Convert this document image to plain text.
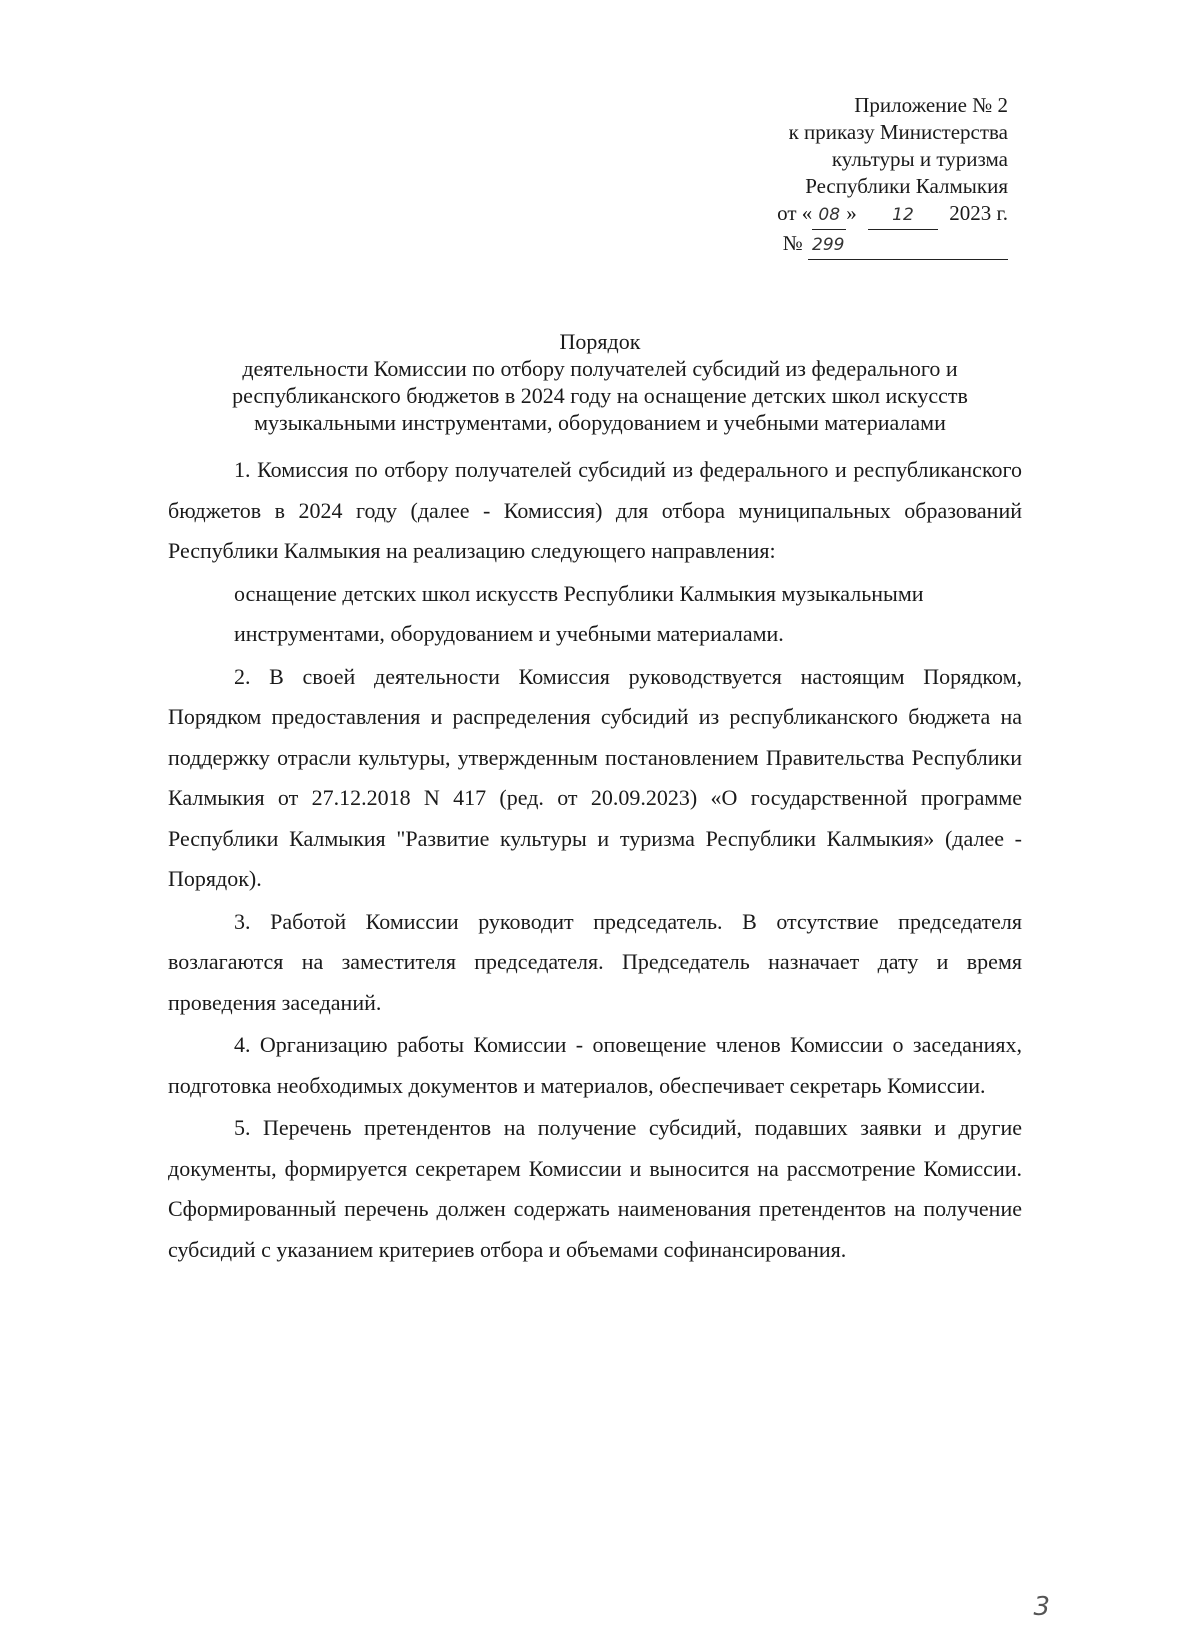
Приложение № 2
к приказу Министерства
культуры и туризма
Республики Калмыкия
от « 08 » 12 2023 г.
№ 299
Порядок
деятельности Комиссии по отбору получателей субсидий из федерального и
республиканского бюджетов в 2024 году на оснащение детских школ искусств
музыкальными инструментами, оборудованием и учебными материалами

1. Комиссия по отбору получателей субсидий из федерального и республиканского бюджетов в 2024 году (далее - Комиссия) для отбора муниципальных образований Республики Калмыкия на реализацию следующего направления:

оснащение детских школ искусств Республики Калмыкия музыкальными инструментами, оборудованием и учебными материалами.

2. В своей деятельности Комиссия руководствуется настоящим Порядком, Порядком предоставления и распределения субсидий из республиканского бюджета на поддержку отрасли культуры, утвержденным постановлением Правительства Республики Калмыкия от 27.12.2018 N 417 (ред. от 20.09.2023) «О государственной программе Республики Калмыкия "Развитие культуры и туризма Республики Калмыкия» (далее - Порядок).

3. Работой Комиссии руководит председатель. В отсутствие председателя возлагаются на заместителя председателя. Председатель назначает дату и время проведения заседаний.

4. Организацию работы Комиссии - оповещение членов Комиссии о заседаниях, подготовка необходимых документов и материалов, обеспечивает секретарь Комиссии.

5. Перечень претендентов на получение субсидий, подавших заявки и другие документы, формируется секретарем Комиссии и выносится на рассмотрение Комиссии. Сформированный перечень должен содержать наименования претендентов на получение субсидий с указанием критериев отбора и объемами софинансирования.

3
